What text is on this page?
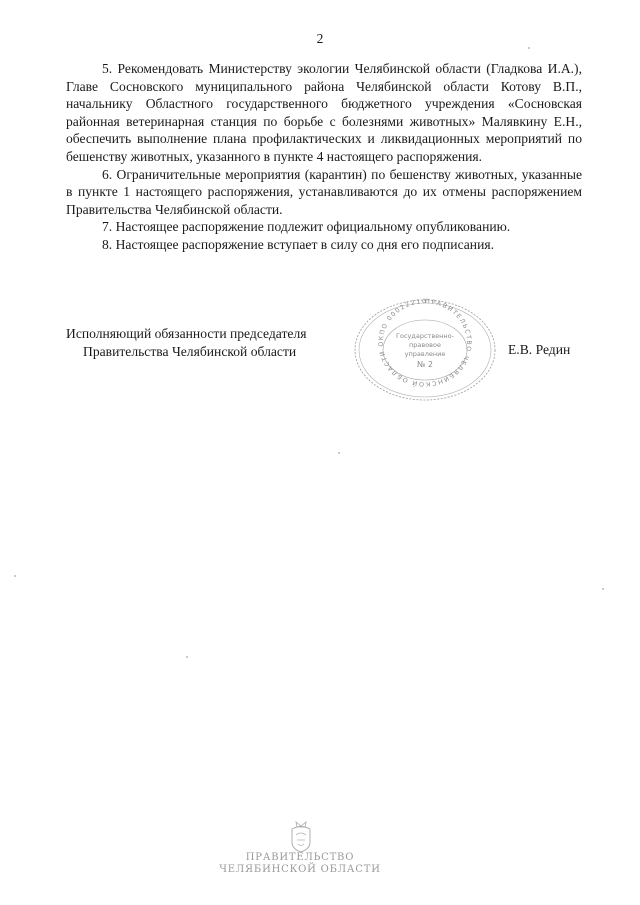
2

5. Рекомендовать Министерству экологии Челябинской области (Гладкова И.А.), Главе Сосновского муниципального района Челябинской области Котову В.П., начальнику Областного государственного бюджетного учреждения «Сосновская районная ветеринарная станция по борьбе с болезнями животных» Малявкину Е.Н., обеспечить выполнение плана профилактических и ликвидационных мероприятий по бешенству животных, указанного в пункте 4 настоящего распоряжения.

6. Ограничительные мероприятия (карантин) по бешенству животных, указанные в пункте 1 настоящего распоряжения, устанавливаются до их отмены распоряжением Правительства Челябинской области.

7. Настоящее распоряжение подлежит официальному опубликованию.

8. Настоящее распоряжение вступает в силу со дня его подписания.

Исполняющий обязанности председателя
Правительства Челябинской области	Е.В. Редин
ПРАВИТЕЛЬСТВО ЧЕЛЯБИНСКОЙ ОБЛАСТИ ОКПО 00022210
Государственно-
правовое
управление
№ 2
ПРАВИТЕЛЬСТВО
ЧЕЛЯБИНСКОЙ ОБЛАСТИ
